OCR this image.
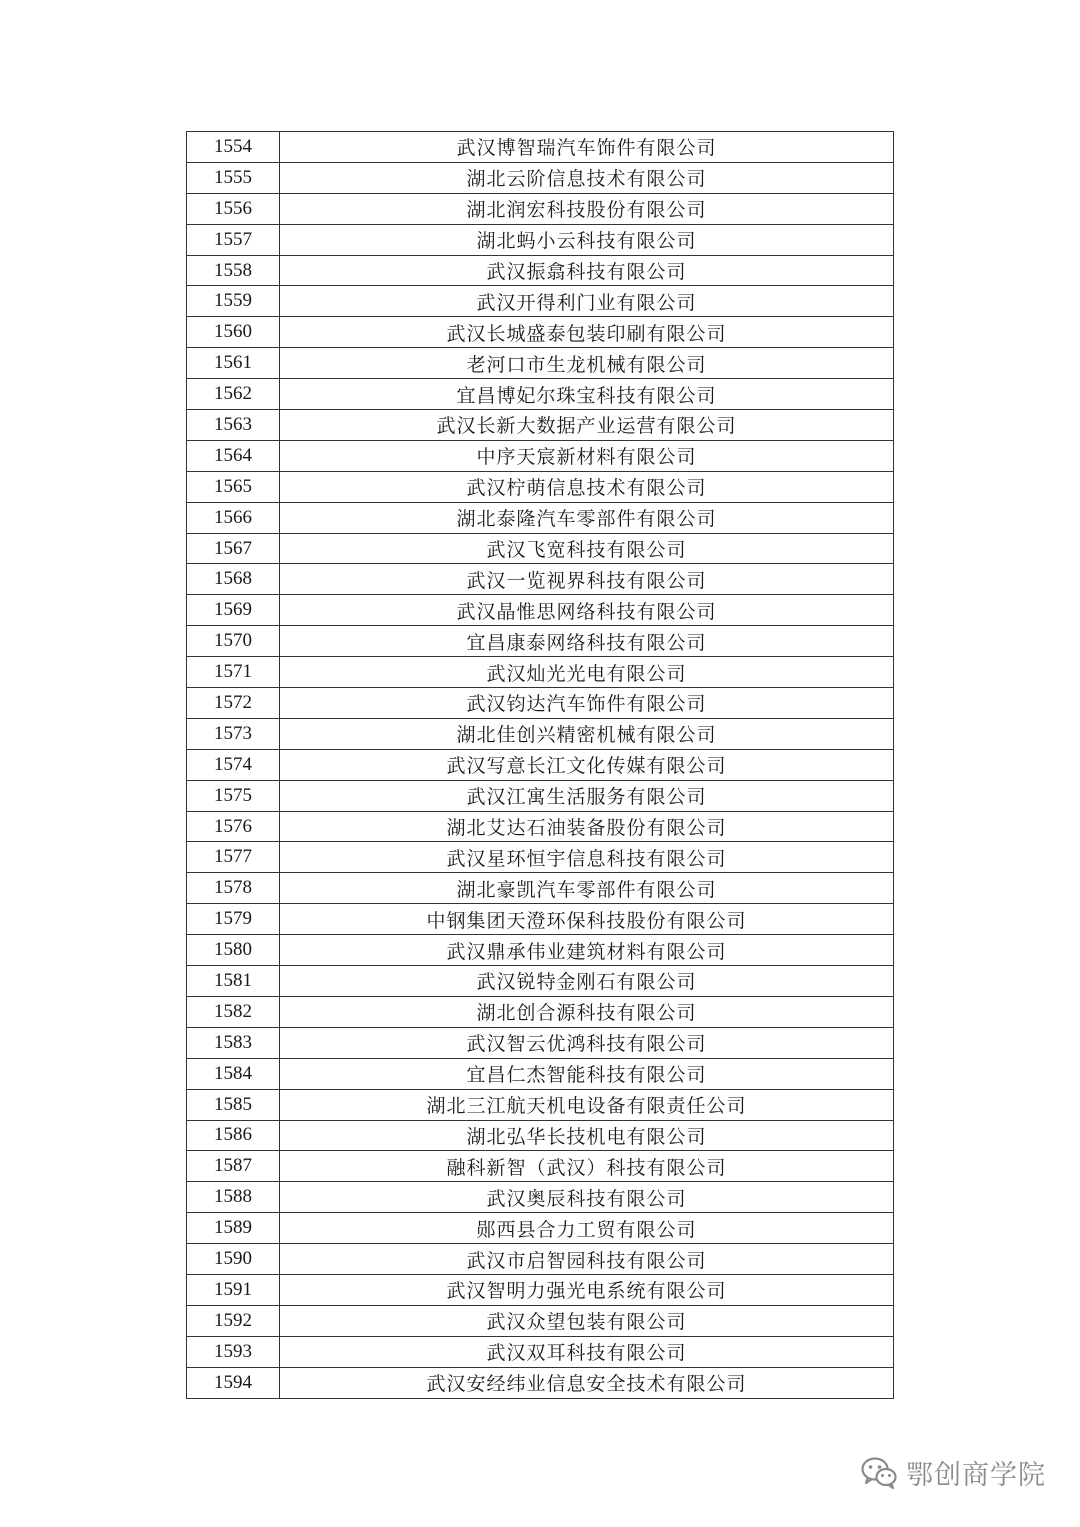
1554	武汉博智瑞汽车饰件有限公司
1555	湖北云阶信息技术有限公司
1556	湖北润宏科技股份有限公司
1557	湖北蚂小云科技有限公司
1558	武汉振翕科技有限公司
1559	武汉开得利门业有限公司
1560	武汉长城盛泰包装印刷有限公司
1561	老河口市生龙机械有限公司
1562	宜昌博妃尔珠宝科技有限公司
1563	武汉长新大数据产业运营有限公司
1564	中序天宸新材料有限公司
1565	武汉柠萌信息技术有限公司
1566	湖北泰隆汽车零部件有限公司
1567	武汉飞宽科技有限公司
1568	武汉一览视界科技有限公司
1569	武汉晶惟思网络科技有限公司
1570	宜昌康泰网络科技有限公司
1571	武汉灿光光电有限公司
1572	武汉钧达汽车饰件有限公司
1573	湖北佳创兴精密机械有限公司
1574	武汉写意长江文化传媒有限公司
1575	武汉江寓生活服务有限公司
1576	湖北艾达石油装备股份有限公司
1577	武汉星环恒宇信息科技有限公司
1578	湖北豪凯汽车零部件有限公司
1579	中钢集团天澄环保科技股份有限公司
1580	武汉鼎承伟业建筑材料有限公司
1581	武汉锐特金刚石有限公司
1582	湖北创合源科技有限公司
1583	武汉智云优鸿科技有限公司
1584	宜昌仁杰智能科技有限公司
1585	湖北三江航天机电设备有限责任公司
1586	湖北弘华长技机电有限公司
1587	融科新智（武汉）科技有限公司
1588	武汉奥辰科技有限公司
1589	郧西县合力工贸有限公司
1590	武汉市启智园科技有限公司
1591	武汉智明力强光电系统有限公司
1592	武汉众望包装有限公司
1593	武汉双耳科技有限公司
1594	武汉安经纬业信息安全技术有限公司
鄂创商学院
